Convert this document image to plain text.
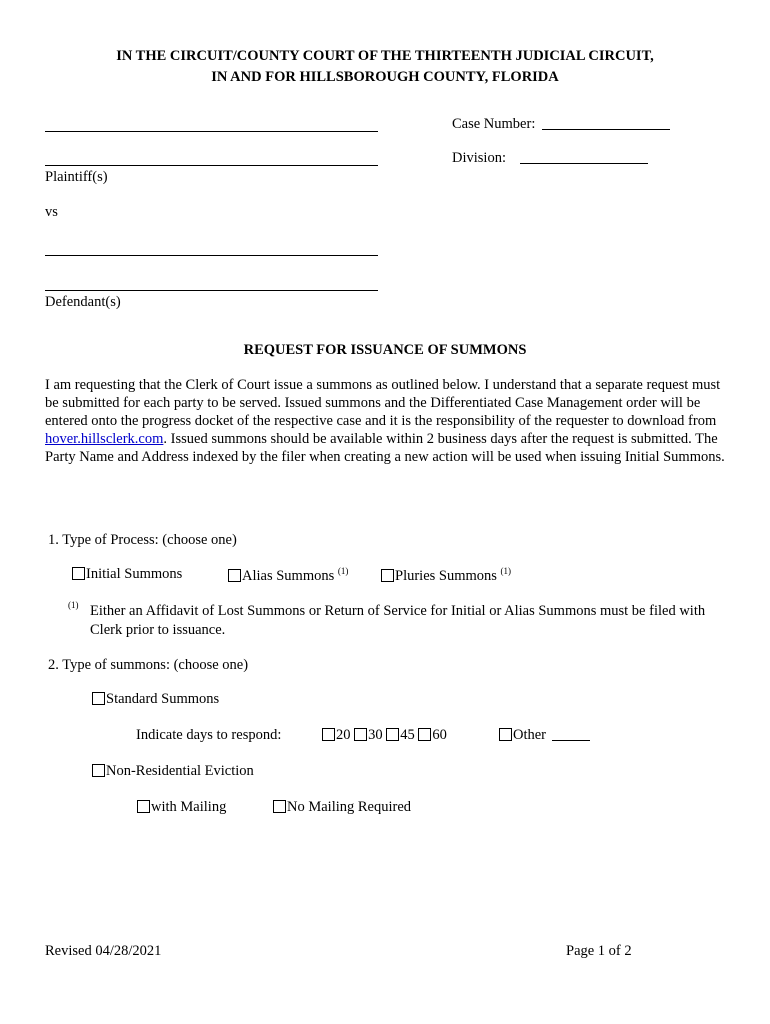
IN THE CIRCUIT/COUNTY COURT OF THE THIRTEENTH JUDICIAL CIRCUIT,
IN AND FOR HILLSBOROUGH COUNTY, FLORIDA
Plaintiff(s)
vs
Defendant(s)
Case Number:
Division:
REQUEST FOR ISSUANCE OF SUMMONS
I am requesting that the Clerk of Court issue a summons as outlined below. I understand that a separate request must be submitted for each party to be served. Issued summons and the Differentiated Case Management order will be entered onto the progress docket of the respective case and it is the responsibility of the requester to download from hover.hillsclerk.com. Issued summons should be available within 2 business days after the request is submitted. The Party Name and Address indexed by the filer when creating a new action will be used when issuing Initial Summons.
1. Type of Process: (choose one)
Initial Summons	Alias Summons $^{(1)}$	Pluries Summons $^{(1)}$
(1) Either an Affidavit of Lost Summons or Return of Service for Initial or Alias Summons must be filed with Clerk prior to issuance.
2. Type of summons: (choose one)
Standard Summons
Indicate days to respond:	20 30 45 60	Other
Non-Residential Eviction
with Mailing	No Mailing Required
Revised 04/28/2021	Page 1 of 2
